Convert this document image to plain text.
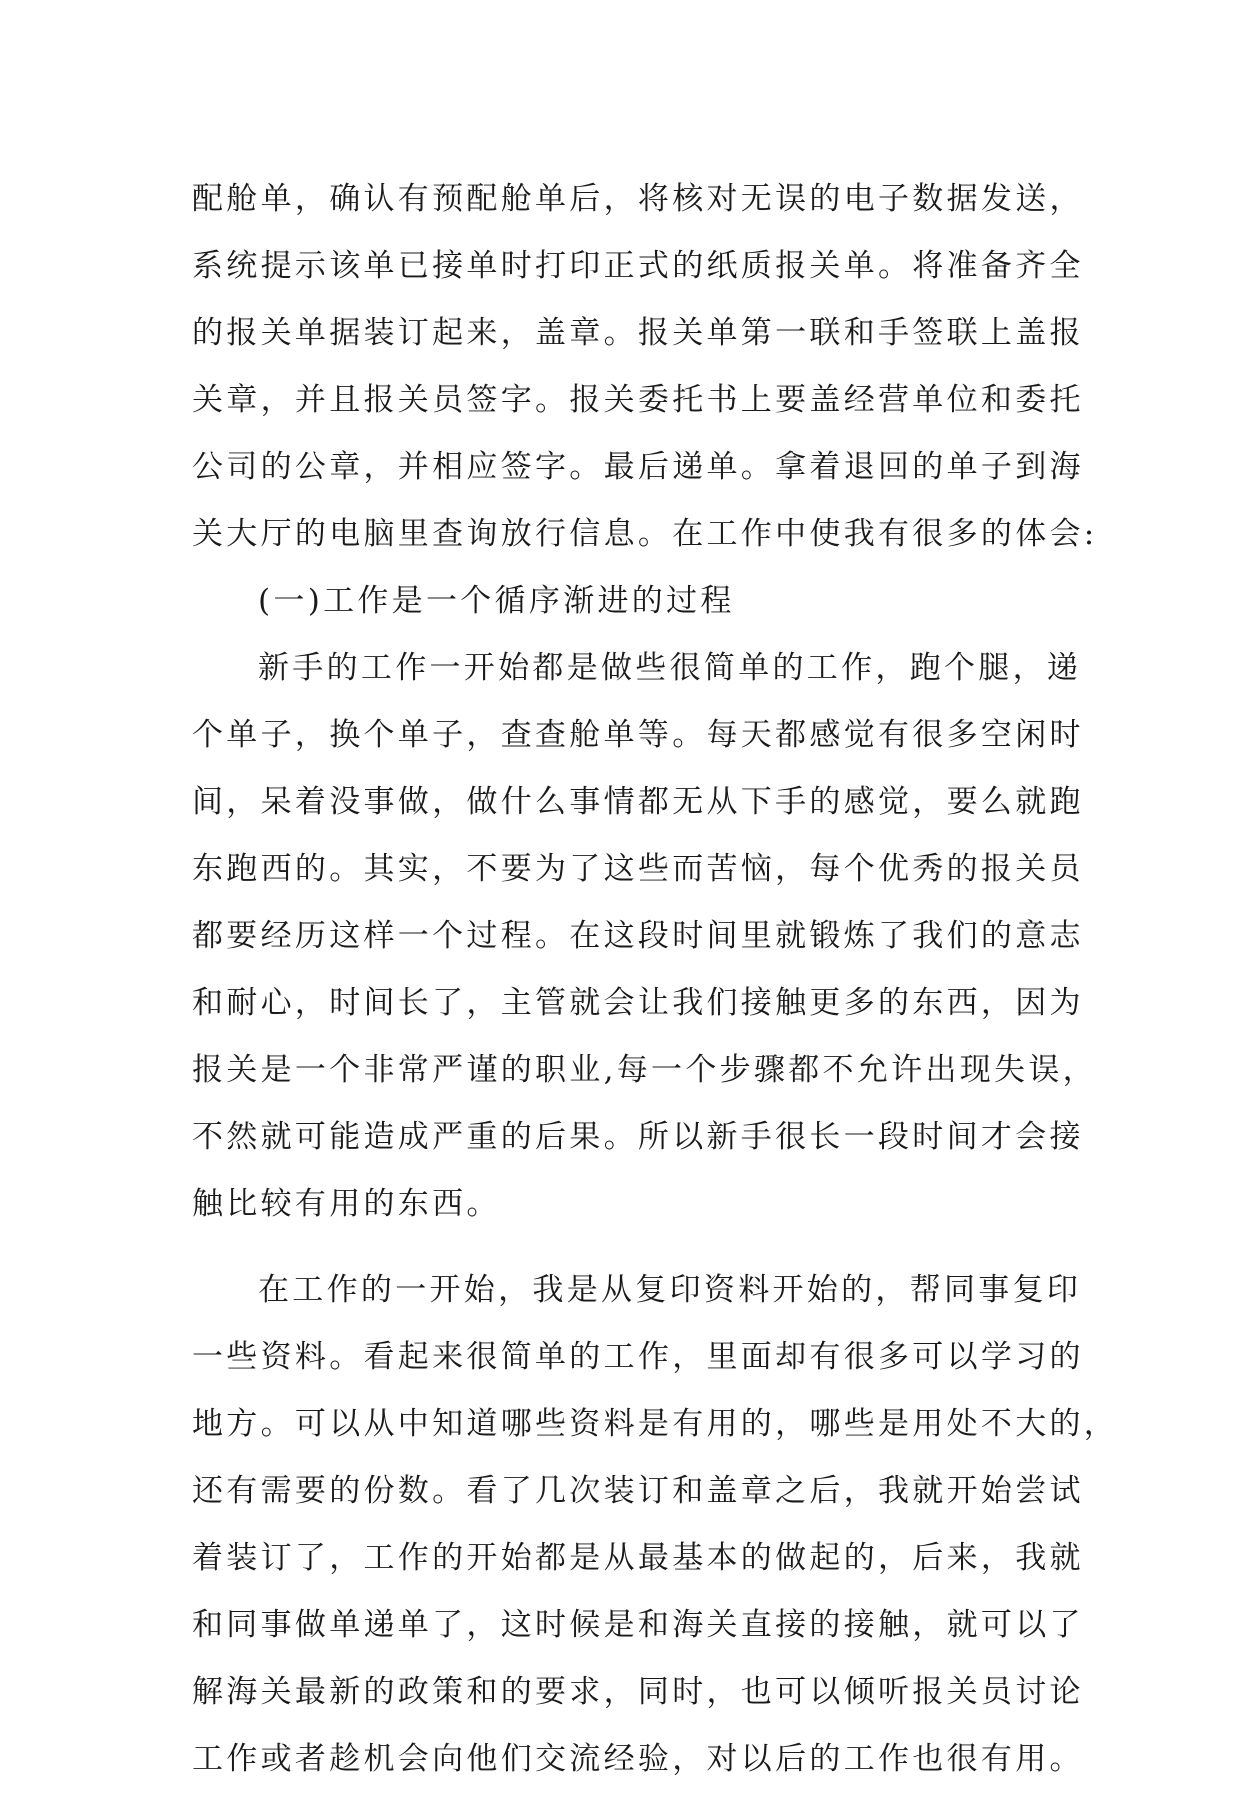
配舱单，确认有预配舱单后，将核对无误的电子数据发送，
系统提示该单已接单时打印正式的纸质报关单。将准备齐全
的报关单据装订起来，盖章。报关单第一联和手签联上盖报
关章，并且报关员签字。报关委托书上要盖经营单位和委托
公司的公章，并相应签字。最后递单。拿着退回的单子到海
关大厅的电脑里查询放行信息。在工作中使我有很多的体会:
(一)工作是一个循序渐进的过程
新手的工作一开始都是做些很简单的工作，跑个腿，递
个单子，换个单子，查查舱单等。每天都感觉有很多空闲时
间，呆着没事做，做什么事情都无从下手的感觉，要么就跑
东跑西的。其实，不要为了这些而苦恼，每个优秀的报关员
都要经历这样一个过程。在这段时间里就锻炼了我们的意志
和耐心，时间长了，主管就会让我们接触更多的东西，因为
报关是一个非常严谨的职业,每一个步骤都不允许出现失误，
不然就可能造成严重的后果。所以新手很长一段时间才会接
触比较有用的东西。
在工作的一开始，我是从复印资料开始的，帮同事复印
一些资料。看起来很简单的工作，里面却有很多可以学习的
地方。可以从中知道哪些资料是有用的，哪些是用处不大的，
还有需要的份数。看了几次装订和盖章之后，我就开始尝试
着装订了，工作的开始都是从最基本的做起的，后来，我就
和同事做单递单了，这时候是和海关直接的接触，就可以了
解海关最新的政策和的要求，同时，也可以倾听报关员讨论
工作或者趁机会向他们交流经验，对以后的工作也很有用。
